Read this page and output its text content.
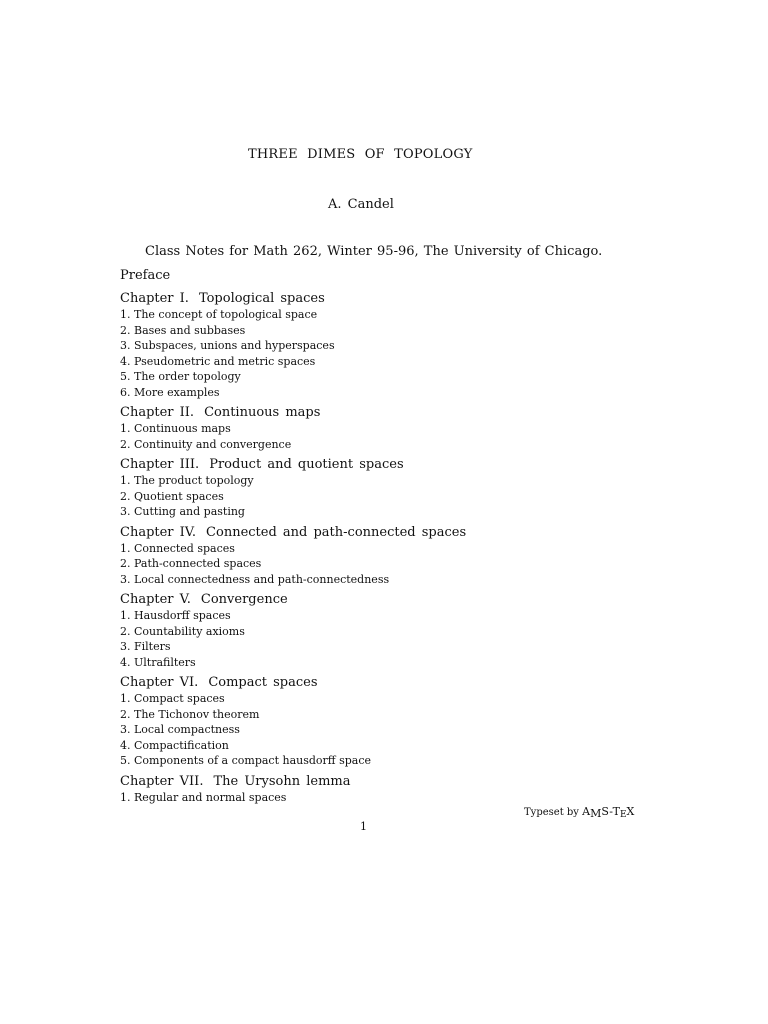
THREE DIMES OF TOPOLOGY
A. Candel
Class Notes for Math 262, Winter 95-96, The University of Chicago.
Preface
Chapter I. Topological spaces
1. The concept of topological space
2. Bases and subbases
3. Subspaces, unions and hyperspaces
4. Pseudometric and metric spaces
5. The order topology
6. More examples
Chapter II. Continuous maps
1. Continuous maps
2. Continuity and convergence
Chapter III. Product and quotient spaces
1. The product topology
2. Quotient spaces
3. Cutting and pasting
Chapter IV. Connected and path-connected spaces
1. Connected spaces
2. Path-connected spaces
3. Local connectedness and path-connectedness
Chapter V. Convergence
1. Hausdorff spaces
2. Countability axioms
3. Filters
4. Ultrafilters
Chapter VI. Compact spaces
1. Compact spaces
2. The Tichonov theorem
3. Local compactness
4. Compactification
5. Components of a compact hausdorff space
Chapter VII. The Urysohn lemma
1. Regular and normal spaces
Typeset by AMS-TEX
1
